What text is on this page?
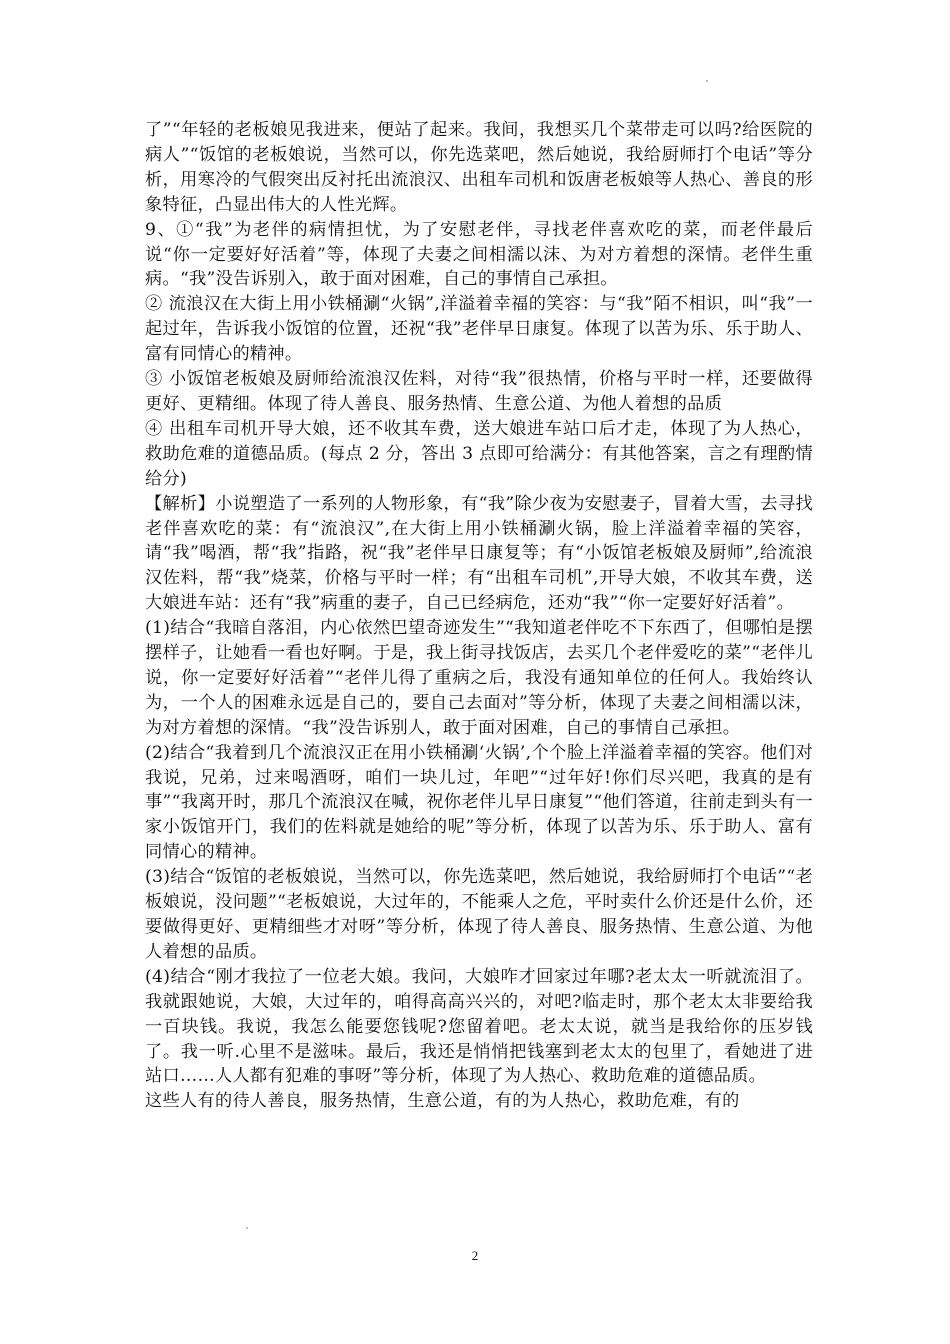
了”“年轻的老板娘见我进来，便站了起来。我间，我想买几个菜带走可以吗?给医院的病人”“饭馆的老板娘说，当然可以，你先选菜吧，然后她说，我给厨师打个电话”等分析，用寒冷的气假突出反衬托出流浪汉、出租车司机和饭唐老板娘等人热心、善良的形象特征，凸显出伟大的人性光辉。

9、①“我”为老伴的病情担忧，为了安慰老伴，寻找老伴喜欢吃的菜，而老伴最后说“你一定要好好活着”等，体现了夫妻之间相濡以沫、为对方着想的深情。老伴生重病。“我”没告诉别入，敢于面对困难，自己的事情自己承担。

② 流浪汉在大街上用小铁桶涮“火锅”,洋溢着幸福的笑容：与“我”陌不相识，叫“我”一起过年，告诉我小饭馆的位置，还祝“我”老伴早日康复。体现了以苦为乐、乐于助人、富有同情心的精神。

③ 小饭馆老板娘及厨师给流浪汉佐料，对待“我”很热情，价格与平时一样，还要做得更好、更精细。体现了待人善良、服务热情、生意公道、为他人着想的品质

④ 出租车司机开导大娘，还不收其车费，送大娘进车站口后才走，体现了为人热心，救助危难的道德品质。(每点 2 分，答出 3 点即可给满分：有其他答案，言之有理酌情给分)

【解析】小说塑造了一系列的人物形象，有“我”除少夜为安慰妻子，冒着大雪，去寻找老伴喜欢吃的菜：有“流浪汉”,在大街上用小铁桶涮火锅，脸上洋溢着幸福的笑容，请“我”喝酒，帮“我”指路，祝“我”老伴早日康复等；有“小饭馆老板娘及厨师”,给流浪汉佐料，帮“我”烧菜，价格与平时一样；有“出租车司机”,开导大娘，不收其车费，送大娘进车站：还有“我”病重的妻子，自己已经病危，还劝“我”“你一定要好好活着”。

(1)结合“我暗自落泪，内心依然巴望奇迹发生”“我知道老伴吃不下东西了，但哪怕是摆摆样子，让她看一看也好啊。于是，我上街寻找饭店，去买几个老伴爱吃的菜”“老伴儿说，你一定要好好活着”“老伴儿得了重病之后，我没有通知单位的任何人。我始终认为，一个人的困难永远是自己的，要自己去面对”等分析，体现了夫妻之间相濡以沫，为对方着想的深情。“我”没告诉别人，敢于面对困难，自己的事情自己承担。

(2)结合“我着到几个流浪汉正在用小铁桶涮‘火锅’,个个脸上洋溢着幸福的笑容。他们对我说，兄弟，过来喝酒呀，咱们一块儿过，年吧”“过年好!你们尽兴吧，我真的是有事”“我离开时，那几个流浪汉在喊，祝你老伴儿早日康复”“他们答道，往前走到头有一家小饭馆开门，我们的佐料就是她给的呢”等分析，体现了以苦为乐、乐于助人、富有同情心的精神。

(3)结合“饭馆的老板娘说，当然可以，你先选菜吧，然后她说，我给厨师打个电话”“老板娘说，没问题”“老板娘说，大过年的，不能乘人之危，平时卖什么价还是什么价，还要做得更好、更精细些才对呀”等分析，体现了待人善良、服务热情、生意公道、为他人着想的品质。

(4)结合“刚才我拉了一位老大娘。我问，大娘咋才回家过年哪?老太太一听就流泪了。我就跟她说，大娘，大过年的，咱得高高兴兴的，对吧?临走时，那个老太太非要给我一百块钱。我说，我怎么能要您钱呢?您留着吧。老太太说，就当是我给你的压岁钱了。我一听.心里不是滋味。最后，我还是悄悄把钱塞到老太太的包里了，看她进了进站口……人人都有犯难的事呀”等分析，体现了为人热心、救助危难的道德品质。

这些人有的待人善良，服务热情，生意公道，有的为人热心，救助危难，有的

2
